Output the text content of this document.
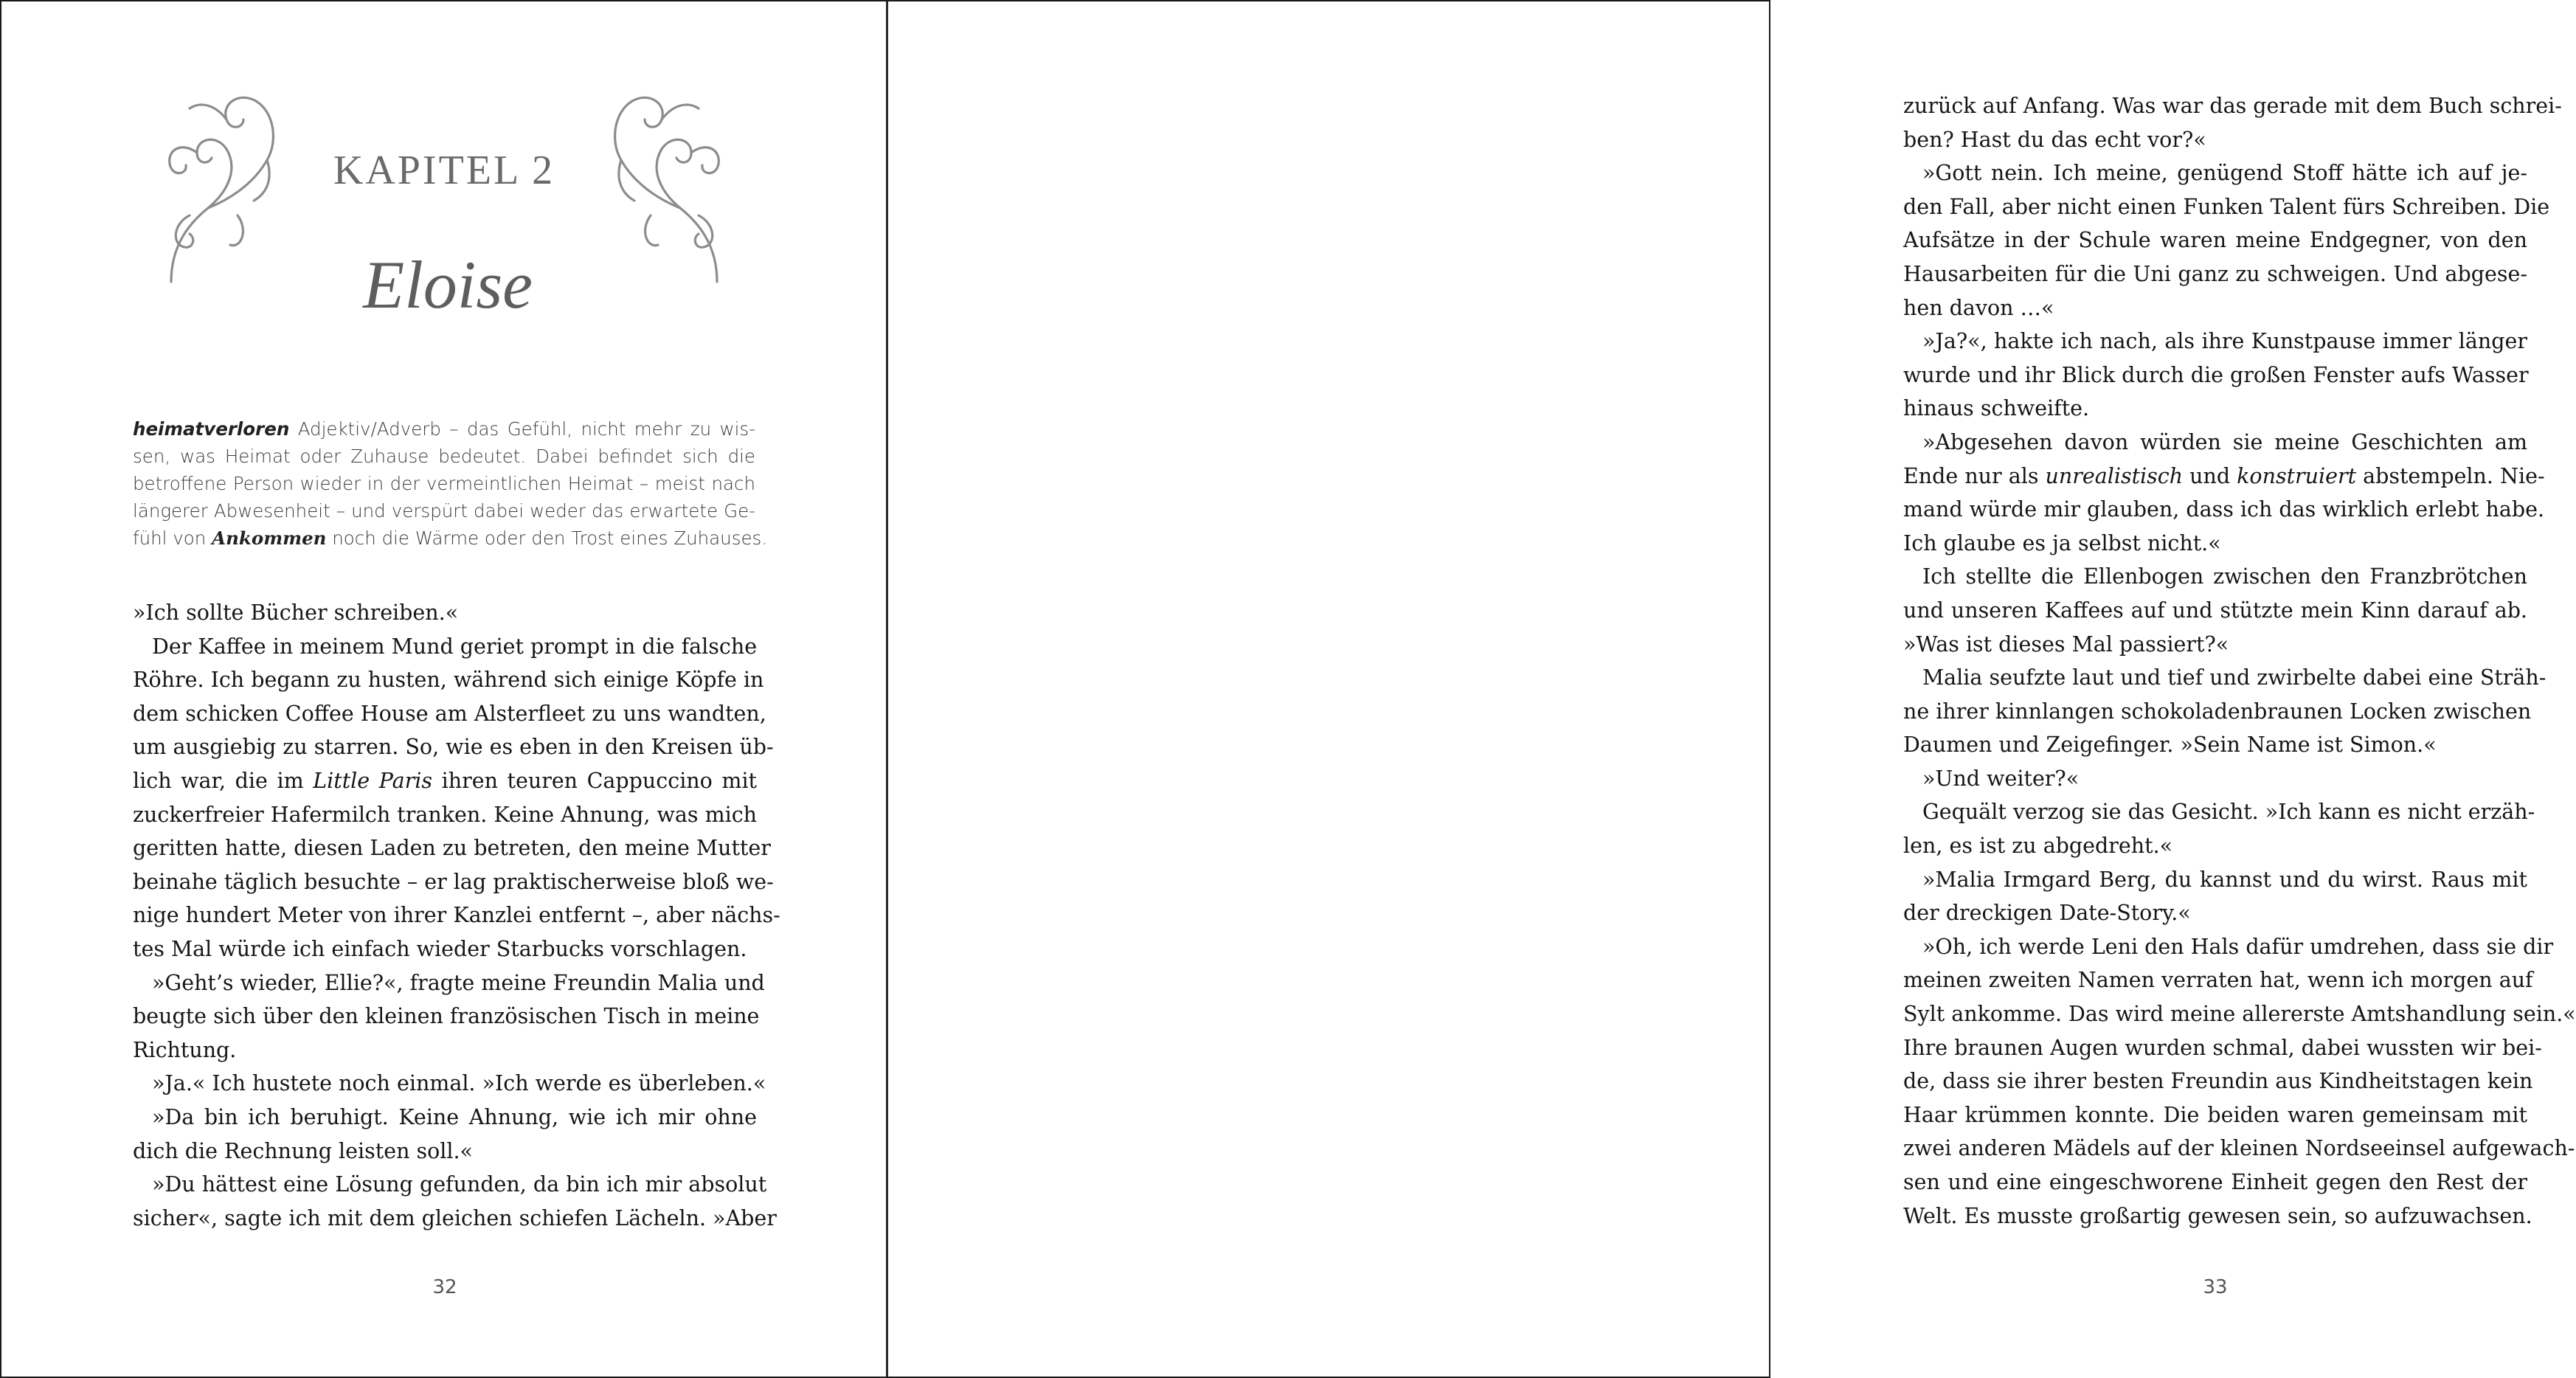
KAPITEL 2
Eloise
heimatverloren Adjektiv/Adverb – das Gefühl, nicht mehr zu wis-
sen, was Heimat oder Zuhause bedeutet. Dabei befindet sich die
betroffene Person wieder in der vermeintlichen Heimat – meist nach
längerer Abwesenheit – und verspürt dabei weder das erwartete Ge-
fühl von Ankommen noch die Wärme oder den Trost eines Zuhauses.
»Ich sollte Bücher schreiben.«
Der Kaffee in meinem Mund geriet prompt in die falsche
Röhre. Ich begann zu husten, während sich einige Köpfe in
dem schicken Coffee House am Alsterfleet zu uns wandten,
um ausgiebig zu starren. So, wie es eben in den Kreisen üb-
lich war, die im Little Paris ihren teuren Cappuccino mit
zuckerfreier Hafermilch tranken. Keine Ahnung, was mich
geritten hatte, diesen Laden zu betreten, den meine Mutter
beinahe täglich besuchte – er lag praktischerweise bloß we-
nige hundert Meter von ihrer Kanzlei entfernt –, aber nächs-
tes Mal würde ich einfach wieder Starbucks vorschlagen.
»Geht’s wieder, Ellie?«, fragte meine Freundin Malia und
beugte sich über den kleinen französischen Tisch in meine
Richtung.
»Ja.« Ich hustete noch einmal. »Ich werde es überleben.«
»Da bin ich beruhigt. Keine Ahnung, wie ich mir ohne
dich die Rechnung leisten soll.«
»Du hättest eine Lösung gefunden, da bin ich mir absolut
sicher«, sagte ich mit dem gleichen schiefen Lächeln. »Aber
32
zurück auf Anfang. Was war das gerade mit dem Buch schrei-
ben? Hast du das echt vor?«
»Gott nein. Ich meine, genügend Stoff hätte ich auf je-
den Fall, aber nicht einen Funken Talent fürs Schreiben. Die
Aufsätze in der Schule waren meine Endgegner, von den
Hausarbeiten für die Uni ganz zu schweigen. Und abgese-
hen davon …«
»Ja?«, hakte ich nach, als ihre Kunstpause immer länger
wurde und ihr Blick durch die großen Fenster aufs Wasser
hinaus schweifte.
»Abgesehen davon würden sie meine Geschichten am
Ende nur als unrealistisch und konstruiert abstempeln. Nie-
mand würde mir glauben, dass ich das wirklich erlebt habe.
Ich glaube es ja selbst nicht.«
Ich stellte die Ellenbogen zwischen den Franzbrötchen
und unseren Kaffees auf und stützte mein Kinn darauf ab.
»Was ist dieses Mal passiert?«
Malia seufzte laut und tief und zwirbelte dabei eine Sträh-
ne ihrer kinnlangen schokoladenbraunen Locken zwischen
Daumen und Zeigefinger. »Sein Name ist Simon.«
»Und weiter?«
Gequält verzog sie das Gesicht. »Ich kann es nicht erzäh-
len, es ist zu abgedreht.«
»Malia Irmgard Berg, du kannst und du wirst. Raus mit
der dreckigen Date-Story.«
»Oh, ich werde Leni den Hals dafür umdrehen, dass sie dir
meinen zweiten Namen verraten hat, wenn ich morgen auf
Sylt ankomme. Das wird meine allererste Amtshandlung sein.«
Ihre braunen Augen wurden schmal, dabei wussten wir bei-
de, dass sie ihrer besten Freundin aus Kindheitstagen kein
Haar krümmen konnte. Die beiden waren gemeinsam mit
zwei anderen Mädels auf der kleinen Nordseeinsel aufgewach-
sen und eine eingeschworene Einheit gegen den Rest der
Welt. Es musste großartig gewesen sein, so aufzuwachsen.
33
